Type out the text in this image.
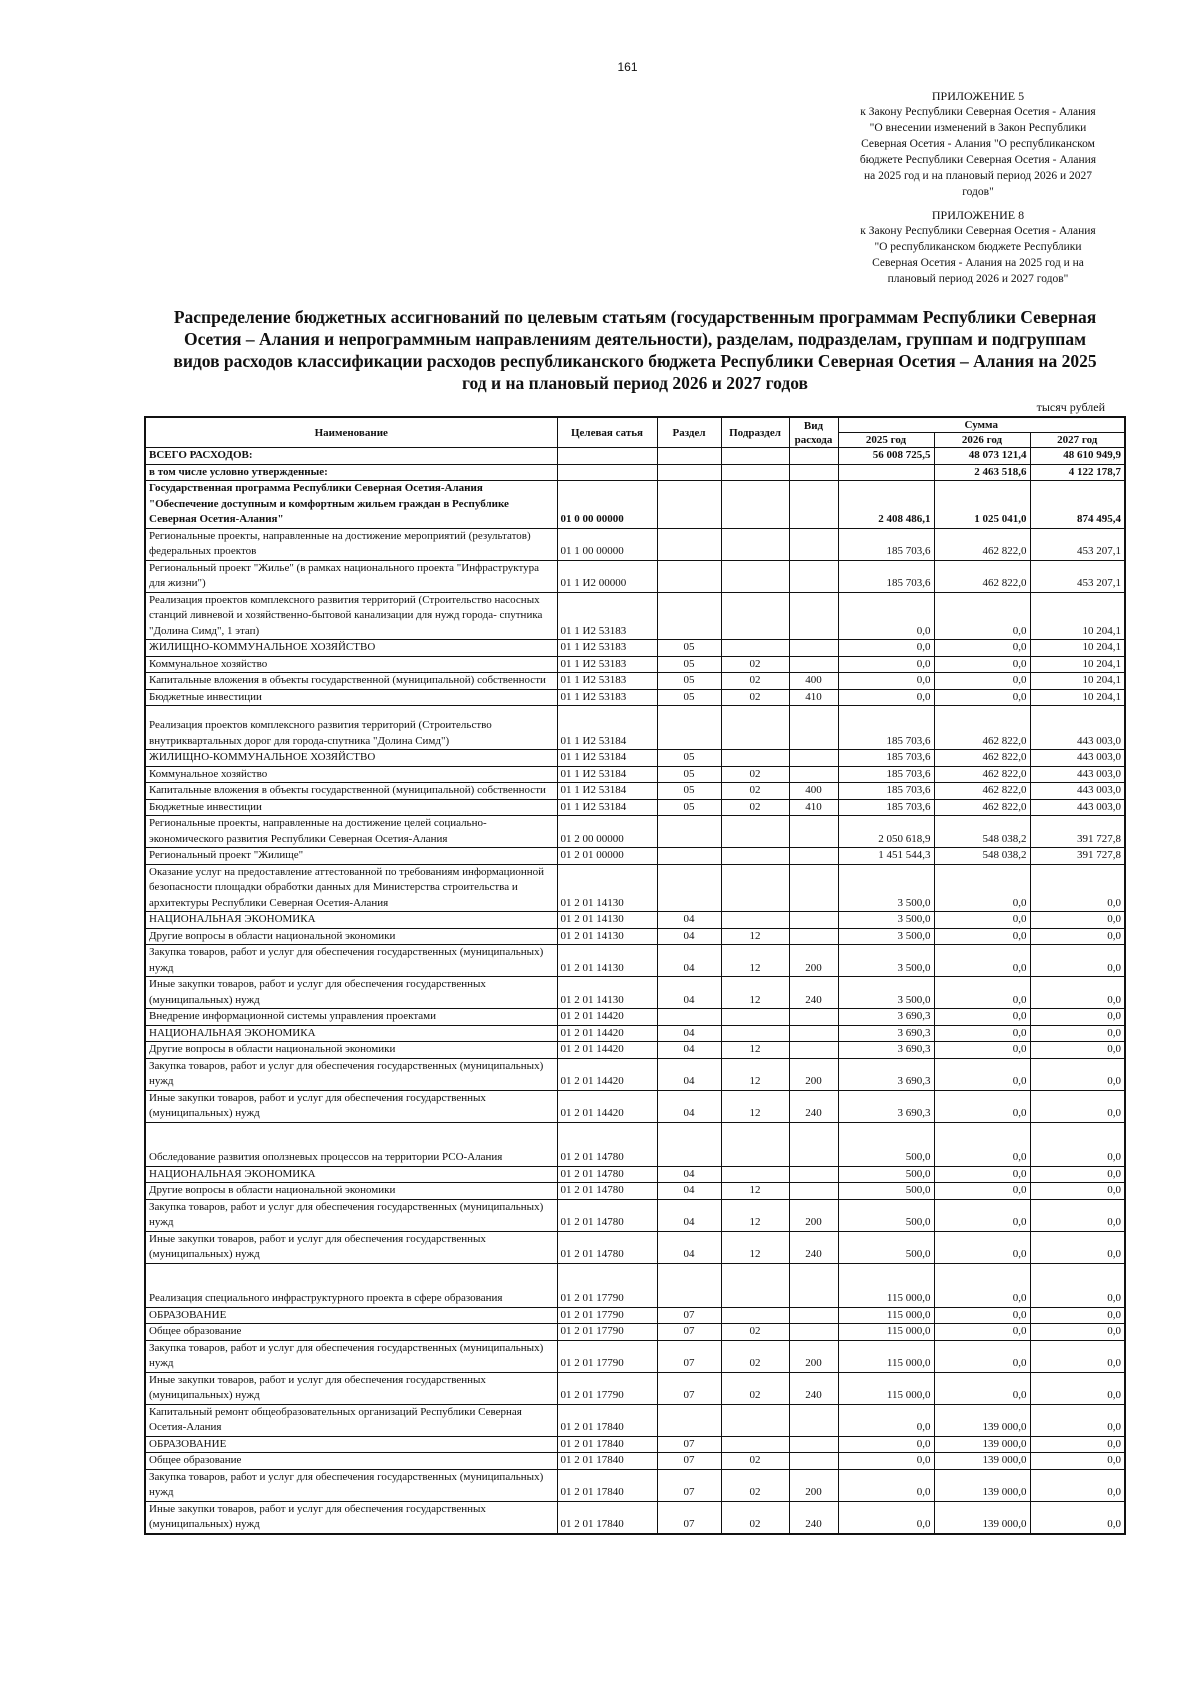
161
ПРИЛОЖЕНИЕ 5
к Закону Республики Северная Осетия - Алания
"О внесении изменений в Закон Республики
Северная Осетия - Алания "О республиканском
бюджете Республики Северная Осетия - Алания
на 2025 год и на плановый период 2026 и 2027
годов"
ПРИЛОЖЕНИЕ 8
к Закону Республики Северная Осетия - Алания
"О республиканском бюджете Республики
Северная Осетия - Алания на 2025 год и на
плановый период 2026 и 2027 годов"
Распределение бюджетных ассигнований по целевым статьям (государственным программам Республики Северная
Осетия – Алания и непрограммным направлениям деятельности), разделам, подразделам, группам и подгруппам
видов расходов классификации расходов республиканского бюджета Республики Северная Осетия – Алания на 2025
год и на плановый период 2026 и 2027 годов
тысяч рублей
Наименование	Целевая сатья	Раздел	Подраздел	Вид
расхода	Сумма		
					2025 год	2026 год	2027 год
ВСЕГО РАСХОДОВ:					56 008 725,5	48 073 121,4	48 610 949,9
в том числе условно утвержденные:						2 463 518,6	4 122 178,7
Государственная программа Республики Северная Осетия-Алания "Обеспечение доступным и комфортным жильем граждан в Республике Северная Осетия-Алания"	01 0 00 00000				2 408 486,1	1 025 041,0	874 495,4
Региональные проекты, направленные на достижение мероприятий (результатов) федеральных проектов	01 1 00 00000				185 703,6	462 822,0	453 207,1
Региональный проект "Жилье" (в рамках национального проекта "Инфраструктура для жизни")	01 1 И2 00000				185 703,6	462 822,0	453 207,1
Реализация проектов комплексного развития территорий (Строительство насосных станций ливневой и хозяйственно-бытовой канализации для нужд города- спутника "Долина Симд", 1 этап)	01 1 И2 53183				0,0	0,0	10 204,1
ЖИЛИЩНО-КОММУНАЛЬНОЕ ХОЗЯЙСТВО	01 1 И2 53183	05			0,0	0,0	10 204,1
Коммунальное хозяйство	01 1 И2 53183	05	02		0,0	0,0	10 204,1
Капитальные вложения в объекты государственной (муниципальной) собственности	01 1 И2 53183	05	02	400	0,0	0,0	10 204,1
Бюджетные инвестиции	01 1 И2 53183	05	02	410	0,0	0,0	10 204,1
Реализация проектов комплексного развития территорий (Строительство внутриквартальных дорог для города-спутника "Долина Симд")	01 1 И2 53184				185 703,6	462 822,0	443 003,0
ЖИЛИЩНО-КОММУНАЛЬНОЕ ХОЗЯЙСТВО	01 1 И2 53184	05			185 703,6	462 822,0	443 003,0
Коммунальное хозяйство	01 1 И2 53184	05	02		185 703,6	462 822,0	443 003,0
Капитальные вложения в объекты государственной (муниципальной) собственности	01 1 И2 53184	05	02	400	185 703,6	462 822,0	443 003,0
Бюджетные инвестиции	01 1 И2 53184	05	02	410	185 703,6	462 822,0	443 003,0
Региональные проекты, направленные на достижение целей социально-экономического развития Республики Северная Осетия-Алания	01 2 00 00000				2 050 618,9	548 038,2	391 727,8
Региональный проект "Жилище"	01 2 01 00000				1 451 544,3	548 038,2	391 727,8
Оказание услуг на предоставление аттестованной по требованиям информационной безопасности площадки обработки данных для Министерства строительства и архитектуры Республики Северная Осетия-Алания	01 2 01 14130				3 500,0	0,0	0,0
НАЦИОНАЛЬНАЯ ЭКОНОМИКА	01 2 01 14130	04			3 500,0	0,0	0,0
Другие вопросы в области национальной экономики	01 2 01 14130	04	12		3 500,0	0,0	0,0
Закупка товаров, работ и услуг для обеспечения государственных (муниципальных) нужд	01 2 01 14130	04	12	200	3 500,0	0,0	0,0
Иные закупки товаров, работ и услуг для обеспечения государственных (муниципальных) нужд	01 2 01 14130	04	12	240	3 500,0	0,0	0,0
Внедрение информационной системы управления проектами	01 2 01 14420				3 690,3	0,0	0,0
НАЦИОНАЛЬНАЯ ЭКОНОМИКА	01 2 01 14420	04			3 690,3	0,0	0,0
Другие вопросы в области национальной экономики	01 2 01 14420	04	12		3 690,3	0,0	0,0
Закупка товаров, работ и услуг для обеспечения государственных (муниципальных) нужд	01 2 01 14420	04	12	200	3 690,3	0,0	0,0
Иные закупки товаров, работ и услуг для обеспечения государственных (муниципальных) нужд	01 2 01 14420	04	12	240	3 690,3	0,0	0,0
Обследование развития оползневых процессов на территории РСО-Алания	01 2 01 14780				500,0	0,0	0,0
НАЦИОНАЛЬНАЯ ЭКОНОМИКА	01 2 01 14780	04			500,0	0,0	0,0
Другие вопросы в области национальной экономики	01 2 01 14780	04	12		500,0	0,0	0,0
Закупка товаров, работ и услуг для обеспечения государственных (муниципальных) нужд	01 2 01 14780	04	12	200	500,0	0,0	0,0
Иные закупки товаров, работ и услуг для обеспечения государственных (муниципальных) нужд	01 2 01 14780	04	12	240	500,0	0,0	0,0
Реализация специального инфраструктурного проекта в сфере образования	01 2 01 17790				115 000,0	0,0	0,0
ОБРАЗОВАНИЕ	01 2 01 17790	07			115 000,0	0,0	0,0
Общее образование	01 2 01 17790	07	02		115 000,0	0,0	0,0
Закупка товаров, работ и услуг для обеспечения государственных (муниципальных) нужд	01 2 01 17790	07	02	200	115 000,0	0,0	0,0
Иные закупки товаров, работ и услуг для обеспечения государственных (муниципальных) нужд	01 2 01 17790	07	02	240	115 000,0	0,0	0,0
Капитальный ремонт общеобразовательных организаций Республики Северная Осетия-Алания	01 2 01 17840				0,0	139 000,0	0,0
ОБРАЗОВАНИЕ	01 2 01 17840	07			0,0	139 000,0	0,0
Общее образование	01 2 01 17840	07	02		0,0	139 000,0	0,0
Закупка товаров, работ и услуг для обеспечения государственных (муниципальных) нужд	01 2 01 17840	07	02	200	0,0	139 000,0	0,0
Иные закупки товаров, работ и услуг для обеспечения государственных (муниципальных) нужд	01 2 01 17840	07	02	240	0,0	139 000,0	0,0
